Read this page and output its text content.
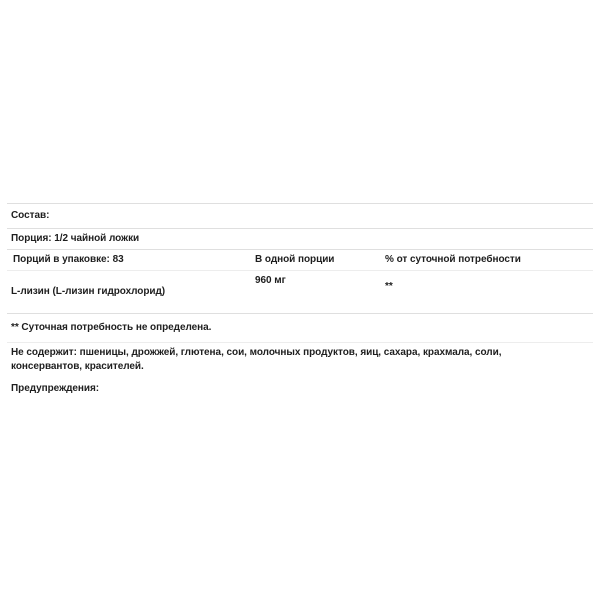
Состав:
Порция: 1/2 чайной ложки
Порций в упаковке: 83	В одной порции	% от суточной потребности
L-лизин (L-лизин гидрохлорид)
960 мг
**
** Суточная потребность не определена.
Не содержит: пшеницы, дрожжей, глютена, сои, молочных продуктов, яиц, сахара, крахмала, соли, консервантов, красителей.
Предупреждения:
